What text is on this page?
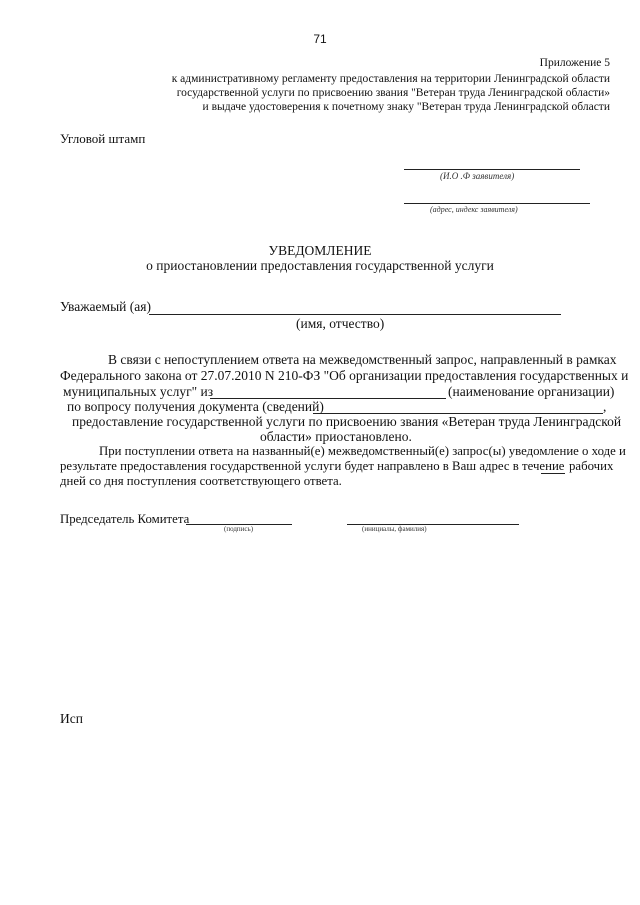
71
Приложение 5
к административному регламенту предоставления на территории Ленинградской области
государственной услуги по присвоению звания "Ветеран труда Ленинградской области»
и выдаче удостоверения к почетному знаку "Ветеран труда Ленинградской области
Угловой штамп
(И.О .Ф заявителя)
(адрес, индекс заявителя)
УВЕДОМЛЕНИЕ
о приостановлении предоставления государственной услуги
Уважаемый (ая)
(имя, отчество)
В связи с непоступлением ответа на межведомственный запрос, направленный в рамках
Федерального закона от 27.07.2010 N 210-ФЗ "Об организации предоставления государственных и
муниципальных услуг" из	(наименование организации)
по вопросу получения документа (сведений)	,
предоставление государственной услуги по присвоению звания «Ветеран труда Ленинградской
области» приостановлено.
При поступлении ответа на названный(е) межведомственный(е) запрос(ы) уведомление о ходе и
результате предоставления государственной услуги будет направлено в Ваш адрес в течение рабочих
дней со дня поступления соответствующего ответа.
Председатель Комитета
(подпись)	(инициалы, фамилия)
Исп
